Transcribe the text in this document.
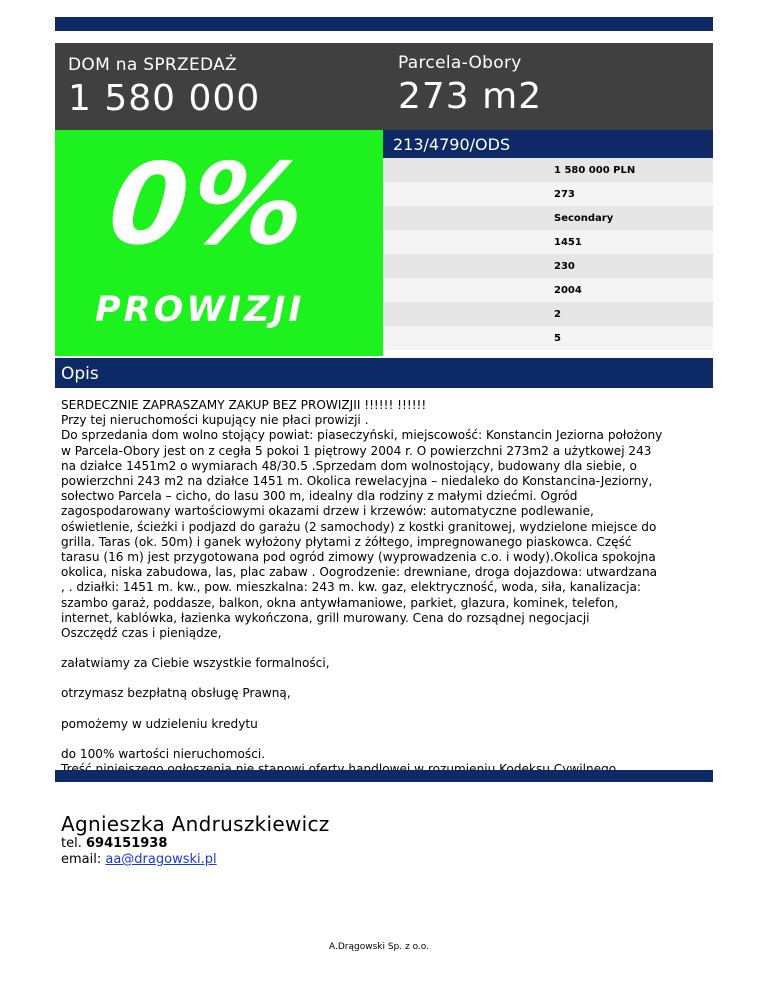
DOM na SPRZEDAŻ
1 580 000
Parcela-Obory
273 m2
0%
PROWIZJI
213/4790/ODS
1 580 000 PLN
273
Secondary
1451
230
2004
2
5
Opis

SERDECZNIE ZAPRASZAMY ZAKUP BEZ PROWIZJII !!!!!! !!!!!!

Przy tej nieruchomości kupujący nie płaci prowizji .

Do sprzedania dom wolno stojący powiat: piaseczyński, miejscowość: Konstancin Jeziorna położony

w Parcela-Obory jest on z cegła 5 pokoi 1 piętrowy 2004 r. O powierzchni 273m2 a użytkowej 243

na działce 1451m2 o wymiarach 48/30.5 .Sprzedam dom wolnostojący, budowany dla siebie, o

powierzchni 243 m2 na działce 1451 m. Okolica rewelacyjna – niedaleko do Konstancina-Jeziorny,

sołectwo Parcela – cicho, do lasu 300 m, idealny dla rodziny z małymi dziećmi. Ogród

zagospodarowany wartościowymi okazami drzew i krzewów: automatyczne podlewanie,

oświetlenie, ścieżki i podjazd do garażu (2 samochody) z kostki granitowej, wydzielone miejsce do

grilla. Taras (ok. 50m) i ganek wyłożony płytami z żółtego, impregnowanego piaskowca. Część

tarasu (16 m) jest przygotowana pod ogród zimowy (wyprowadzenia c.o. i wody).Okolica spokojna

okolica, niska zabudowa, las, plac zabaw . Oogrodzenie: drewniane, droga dojazdowa: utwardzana

, . działki: 1451 m. kw., pow. mieszkalna: 243 m. kw. gaz, elektryczność, woda, siła, kanalizacja:

szambo garaż, poddasze, balkon, okna antywłamaniowe, parkiet, glazura, kominek, telefon,

internet, kablówka, łazienka wykończona, grill murowany. Cena do rozsądnej negocjacji

Oszczędź czas i pieniądze,

załatwiamy za Ciebie wszystkie formalności,

otrzymasz bezpłatną obsługę Prawną,

pomożemy w udzieleniu kredytu

do 100% wartości nieruchomości.

Agnieszka Andruszkiewicz
tel. 694151938
email: aa@dragowski.pl
A.Drągowski Sp. z o.o.
